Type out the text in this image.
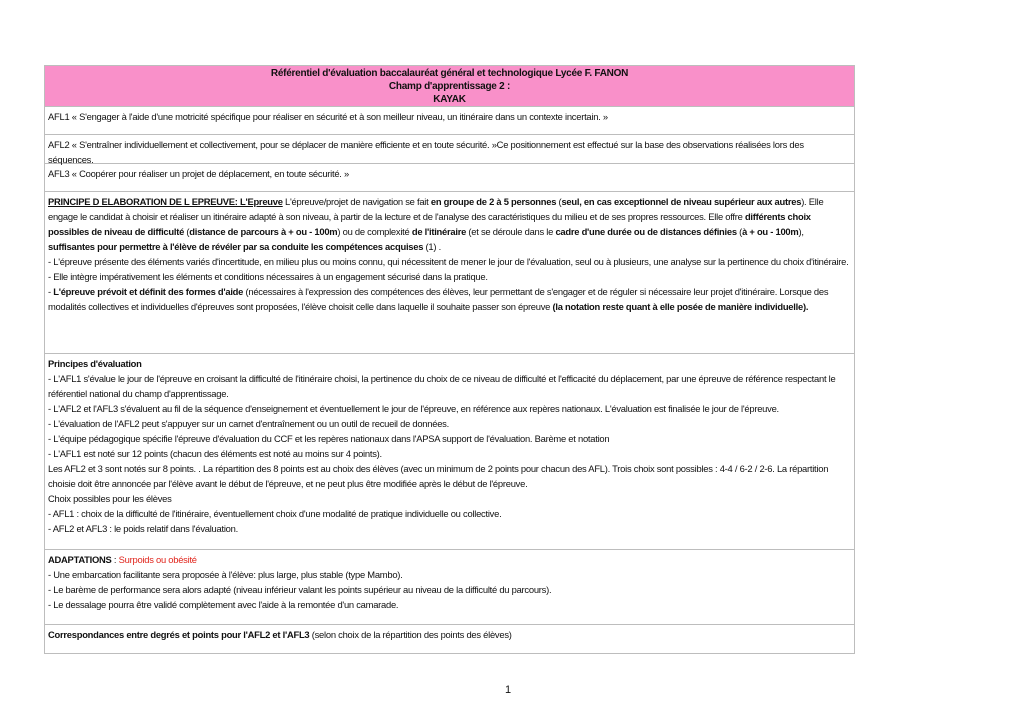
Référentiel d'évaluation baccalauréat général et technologique Lycée F. FANON
Champ d'apprentissage 2 :
KAYAK

AFL1 « S'engager à l'aide d'une motricité spécifique pour réaliser en sécurité et à son meilleur niveau, un itinéraire dans un contexte incertain. »

AFL2 « S'entraîner individuellement et collectivement, pour se déplacer de manière efficiente et en toute sécurité. »Ce positionnement est effectué sur la base des observations réalisées lors des séquences.

AFL3 « Coopérer pour réaliser un projet de déplacement, en toute sécurité. »

PRINCIPE D ELABORATION DE L EPREUVE: L'Epreuve L'épreuve/projet de navigation se fait en groupe de 2 à 5 personnes (seul, en cas exceptionnel de niveau supérieur aux autres). Elle engage le candidat à choisir et réaliser un itinéraire adapté à son niveau, à partir de la lecture et de l'analyse des caractéristiques du milieu et de ses propres ressources. Elle offre différents choix possibles de niveau de difficulté (distance de parcours à + ou - 100m) ou de complexité de l'itinéraire (et se déroule dans le cadre d'une durée ou de distances définies (à + ou - 100m), suffisantes pour permettre à l'élève de révéler par sa conduite les compétences acquises (1) .

- L'épreuve présente des éléments variés d'incertitude, en milieu plus ou moins connu, qui nécessitent de mener le jour de l'évaluation, seul ou à plusieurs, une analyse sur la pertinence du choix d'itinéraire.

- Elle intègre impérativement les éléments et conditions nécessaires à un engagement sécurisé dans la pratique.

- L'épreuve prévoit et définit des formes d'aide (nécessaires à l'expression des compétences des élèves, leur permettant de s'engager et de réguler si nécessaire leur projet d'itinéraire. Lorsque des modalités collectives et individuelles d'épreuves sont proposées, l'élève choisit celle dans laquelle il souhaite passer son épreuve (la notation reste quant à elle posée de manière individuelle).

Principes d'évaluation

- L'AFL1 s'évalue le jour de l'épreuve en croisant la difficulté de l'itinéraire choisi, la pertinence du choix de ce niveau de difficulté et l'efficacité du déplacement, par une épreuve de référence respectant le référentiel national du champ d'apprentissage.

- L'AFL2 et l'AFL3 s'évaluent au fil de la séquence d'enseignement et éventuellement le jour de l'épreuve, en référence aux repères nationaux. L'évaluation est finalisée le jour de l'épreuve.

- L'évaluation de l'AFL2 peut s'appuyer sur un carnet d'entraînement ou un outil de recueil de données.

- L'équipe pédagogique spécifie l'épreuve d'évaluation du CCF et les repères nationaux dans l'APSA support de l'évaluation. Barème et notation

- L'AFL1 est noté sur 12 points (chacun des éléments est noté au moins sur 4 points).

Les AFL2 et 3 sont notés sur 8 points. . La répartition des 8 points est au choix des élèves (avec un minimum de 2 points pour chacun des AFL). Trois choix sont possibles : 4-4 / 6-2 / 2-6. La répartition choisie doit être annoncée par l'élève avant le début de l'épreuve, et ne peut plus être modifiée après le début de l'épreuve.

Choix possibles pour les élèves

- AFL1 : choix de la difficulté de l'itinéraire, éventuellement choix d'une modalité de pratique individuelle ou collective.

- AFL2 et AFL3 : le poids relatif dans l'évaluation.

ADAPTATIONS : Surpoids ou obésité

- Une embarcation facilitante sera proposée à l'élève: plus large, plus stable (type Mambo).

- Le barème de performance sera alors adapté (niveau inférieur valant les points supérieur au niveau de la difficulté du parcours).

- Le dessalage pourra être validé complètement avec l'aide à la remontée d'un camarade.

Correspondances entre degrés et points pour l'AFL2 et l'AFL3 (selon choix de la répartition des points des élèves)

1
